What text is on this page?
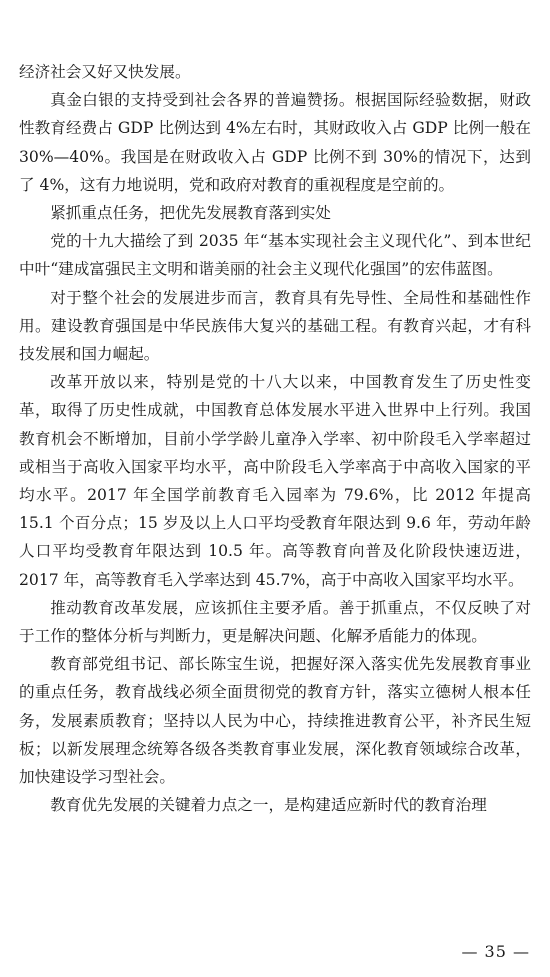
经济社会又好又快发展。

真金白银的支持受到社会各界的普遍赞扬。根据国际经验数据，财政性教育经费占 GDP 比例达到 4%左右时，其财政收入占 GDP 比例一般在 30%—40%。我国是在财政收入占 GDP 比例不到 30%的情况下，达到了 4%，这有力地说明，党和政府对教育的重视程度是空前的。

紧抓重点任务，把优先发展教育落到实处

党的十九大描绘了到 2035 年“基本实现社会主义现代化”、到本世纪中叶“建成富强民主文明和谐美丽的社会主义现代化强国”的宏伟蓝图。

对于整个社会的发展进步而言，教育具有先导性、全局性和基础性作用。建设教育强国是中华民族伟大复兴的基础工程。有教育兴起，才有科技发展和国力崛起。

改革开放以来，特别是党的十八大以来，中国教育发生了历史性变革，取得了历史性成就，中国教育总体发展水平进入世界中上行列。我国教育机会不断增加，目前小学学龄儿童净入学率、初中阶段毛入学率超过或相当于高收入国家平均水平，高中阶段毛入学率高于中高收入国家的平均水平。2017 年全国学前教育毛入园率为 79.6%，比 2012 年提高 15.1 个百分点；15 岁及以上人口平均受教育年限达到 9.6 年，劳动年龄人口平均受教育年限达到 10.5 年。高等教育向普及化阶段快速迈进，2017 年，高等教育毛入学率达到 45.7%，高于中高收入国家平均水平。

推动教育改革发展，应该抓住主要矛盾。善于抓重点，不仅反映了对于工作的整体分析与判断力，更是解决问题、化解矛盾能力的体现。

教育部党组书记、部长陈宝生说，把握好深入落实优先发展教育事业的重点任务，教育战线必须全面贯彻党的教育方针，落实立德树人根本任务，发展素质教育；坚持以人民为中心，持续推进教育公平，补齐民生短板；以新发展理念统筹各级各类教育事业发展，深化教育领域综合改革，加快建设学习型社会。

教育优先发展的关键着力点之一，是构建适应新时代的教育治理

— 35 —
